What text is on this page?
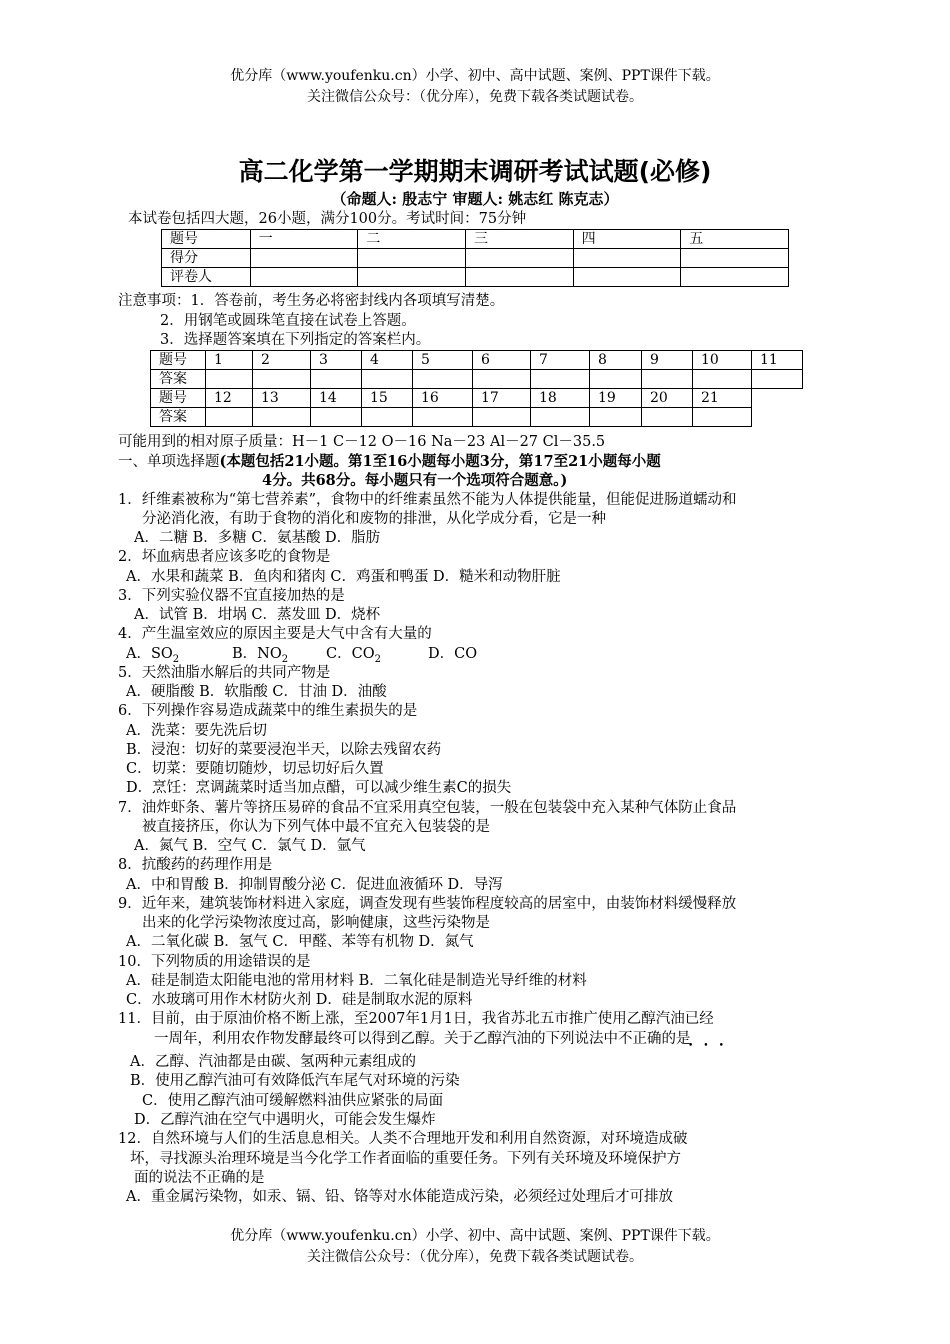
优分库（www.youfenku.cn）小学、初中、高中试题、案例、PPT课件下载。
关注微信公众号：（优分库），免费下载各类试题试卷。
高二化学第一学期期末调研考试试题(必修)
（命题人: 殷志宁 审题人: 姚志红 陈克志）
本试卷包括四大题，26小题，满分100分。考试时间：75分钟
题号	一	二	三	四	五
得分					
评卷人					
注意事项：1．答卷前，考生务必将密封线内各项填写清楚。
2．用钢笔或圆珠笔直接在试卷上答题。
3．选择题答案填在下列指定的答案栏内。
题号	1	2	3	4	5	6	7	8	9	10	11
答案											
题号	12	13	14	15	16	17	18	19	20	21	
答案											
可能用到的相对原子质量：H－1 C－12 O－16 Na－23 Al－27 Cl－35.5
一、单项选择题(本题包括21小题。第1至16小题每小题3分，第17至21小题每小题
4分。共68分。每小题只有一个选项符合题意。)
1．纤维素被称为“第七营养素”，食物中的纤维素虽然不能为人体提供能量，但能促进肠道蠕动和
分泌消化液，有助于食物的消化和废物的排泄，从化学成分看，它是一种
A．二糖 B．多糖 C．氨基酸 D．脂肪
2．坏血病患者应该多吃的食物是
A．水果和蔬菜 B．鱼肉和猪肉 C．鸡蛋和鸭蛋 D．糙米和动物肝脏
3．下列实验仪器不宜直接加热的是
A．试管 B．坩埚 C．蒸发皿 D．烧杯
4．产生温室效应的原因主要是大气中含有大量的
A．$SO_2$	B．$NO_2$	C．$CO_2$	D．CO
5．天然油脂水解后的共同产物是
A．硬脂酸 B．软脂酸 C．甘油 D．油酸
6．下列操作容易造成蔬菜中的维生素损失的是
A．洗菜：要先洗后切
B．浸泡：切好的菜要浸泡半天，以除去残留农药
C．切菜：要随切随炒，切忌切好后久置
D．烹饪：烹调蔬菜时适当加点醋，可以减少维生素C的损失
7．油炸虾条、薯片等挤压易碎的食品不宜采用真空包装，一般在包装袋中充入某种气体防止食品
被直接挤压，你认为下列气体中最不宜充入包装袋的是
A．氮气 B．空气 C．氯气 D．氩气
8．抗酸药的药理作用是
A．中和胃酸 B．抑制胃酸分泌 C．促进血液循环 D．导泻
9．近年来，建筑装饰材料进入家庭，调查发现有些装饰程度较高的居室中，由装饰材料缓慢释放
出来的化学污染物浓度过高，影响健康，这些污染物是
A．二氧化碳 B．氢气 C．甲醛、苯等有机物 D．氮气
10．下列物质的用途错误的是
A．硅是制造太阳能电池的常用材料 B．二氧化硅是制造光导纤维的材料
C．水玻璃可用作木材防火剂 D．硅是制取水泥的原料
11．目前，由于原油价格不断上涨，至2007年1月1日，我省苏北五市推广使用乙醇汽油已经
一周年，利用农作物发酵最终可以得到乙醇。关于乙醇汽油的下列说法中不正确的是
•••
A．乙醇、汽油都是由碳、氢两种元素组成的
B．使用乙醇汽油可有效降低汽车尾气对环境的污染
C．使用乙醇汽油可缓解燃料油供应紧张的局面
D．乙醇汽油在空气中遇明火，可能会发生爆炸
12．自然环境与人们的生活息息相关。人类不合理地开发和利用自然资源，对环境造成破
坏，寻找源头治理环境是当今化学工作者面临的重要任务。下列有关环境及环境保护方
面的说法不正确的是
A．重金属污染物，如汞、镉、铅、铬等对水体能造成污染，必须经过处理后才可排放
优分库（www.youfenku.cn）小学、初中、高中试题、案例、PPT课件下载。
关注微信公众号：（优分库），免费下载各类试题试卷。
